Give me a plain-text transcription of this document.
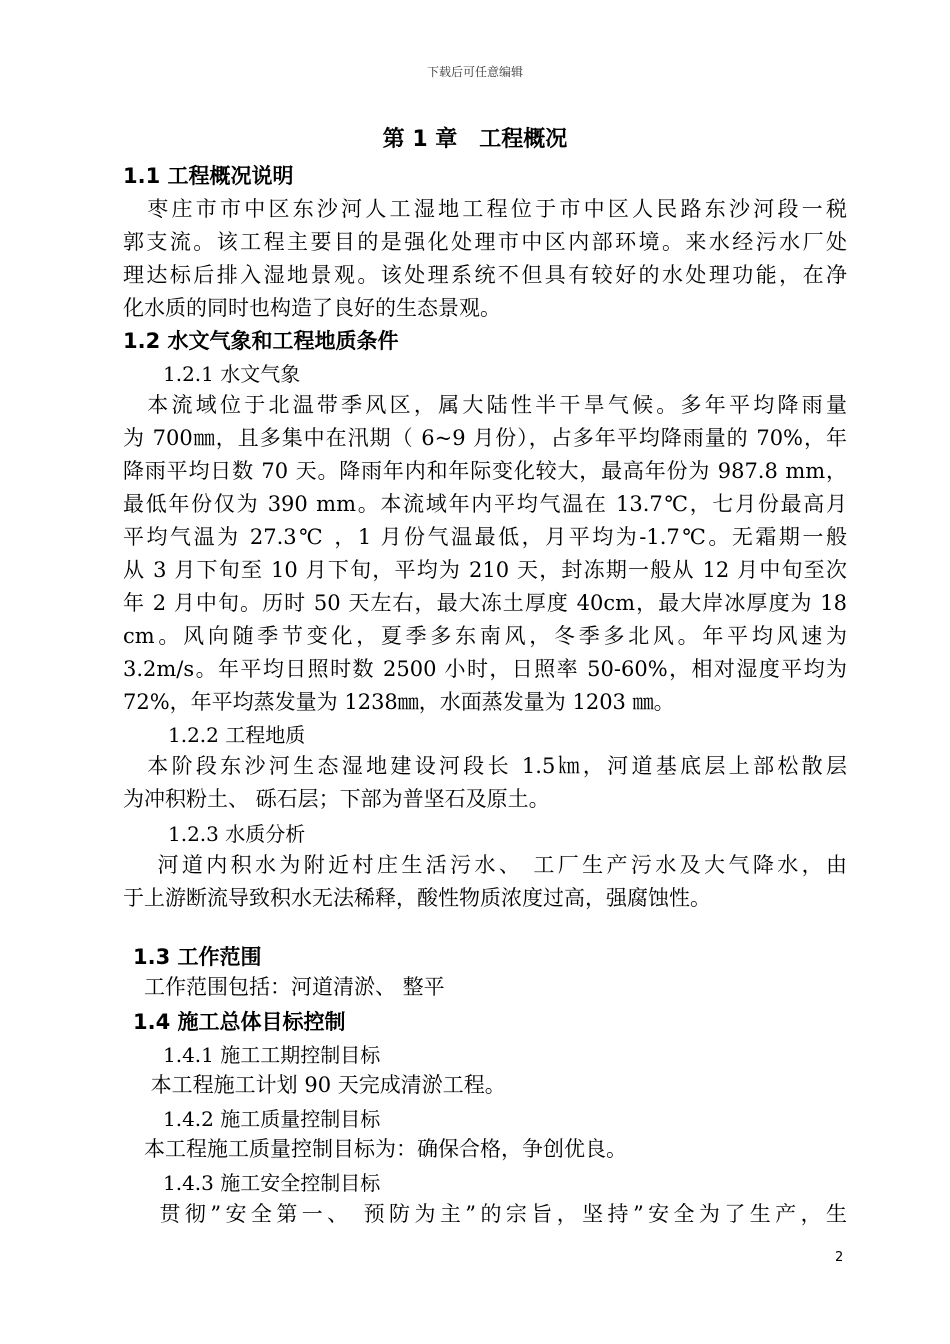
下载后可任意编辑
第 1 章　工程概况
1.1 工程概况说明
　枣庄市市中区东沙河人工湿地工程位于市中区人民路东沙河段一税
郭支流。该工程主要目的是强化处理市中区内部环境。来水经污水厂处
理达标后排入湿地景观。该处理系统不但具有较好的水处理功能，在净
化水质的同时也构造了良好的生态景观。
1.2 水文气象和工程地质条件
1.2.1 水文气象
　本流域位于北温带季风区，属大陆性半干旱气候。多年平均降雨量
为 700㎜，且多集中在汛期（ 6~9 月份），占多年平均降雨量的 70%，年
降雨平均日数 70 天。降雨年内和年际变化较大，最高年份为 987.8 mm，
最低年份仅为 390 mm。本流域年内平均气温在 13.7℃，七月份最高月
平均气温为 27.3℃ ，1 月份气温最低，月平均为-1.7℃。无霜期一般
从 3 月下旬至 10 月下旬，平均为 210 天，封冻期一般从 12 月中旬至次
年 2 月中旬。历时 50 天左右，最大冻土厚度 40cm，最大岸冰厚度为 18
cm。风向随季节变化，夏季多东南风，冬季多北风。年平均风速为
3.2m/s。年平均日照时数 2500 小时，日照率 50-60%，相对湿度平均为
72%，年平均蒸发量为 1238㎜，水面蒸发量为 1203 ㎜。
1.2.2 工程地质
　本阶段东沙河生态湿地建设河段长 1.5㎞，河道基底层上部松散层
为冲积粉土、 砾石层；下部为普坚石及原土。
1.2.3 水质分析
　 河道内积水为附近村庄生活污水、 工厂生产污水及大气降水，由
于上游断流导致积水无法稀释，酸性物质浓度过高，强腐蚀性。
1.3 工作范围
　工作范围包括：河道清淤、 整平
1.4 施工总体目标控制
1.4.1 施工工期控制目标
　 本工程施工计划 90 天完成清淤工程。
1.4.2 施工质量控制目标
　本工程施工质量控制目标为：确保合格，争创优良。
1.4.3 施工安全控制目标
　 贯彻”安全第一、 预防为主”的宗旨，坚持”安全为了生产，生
2
